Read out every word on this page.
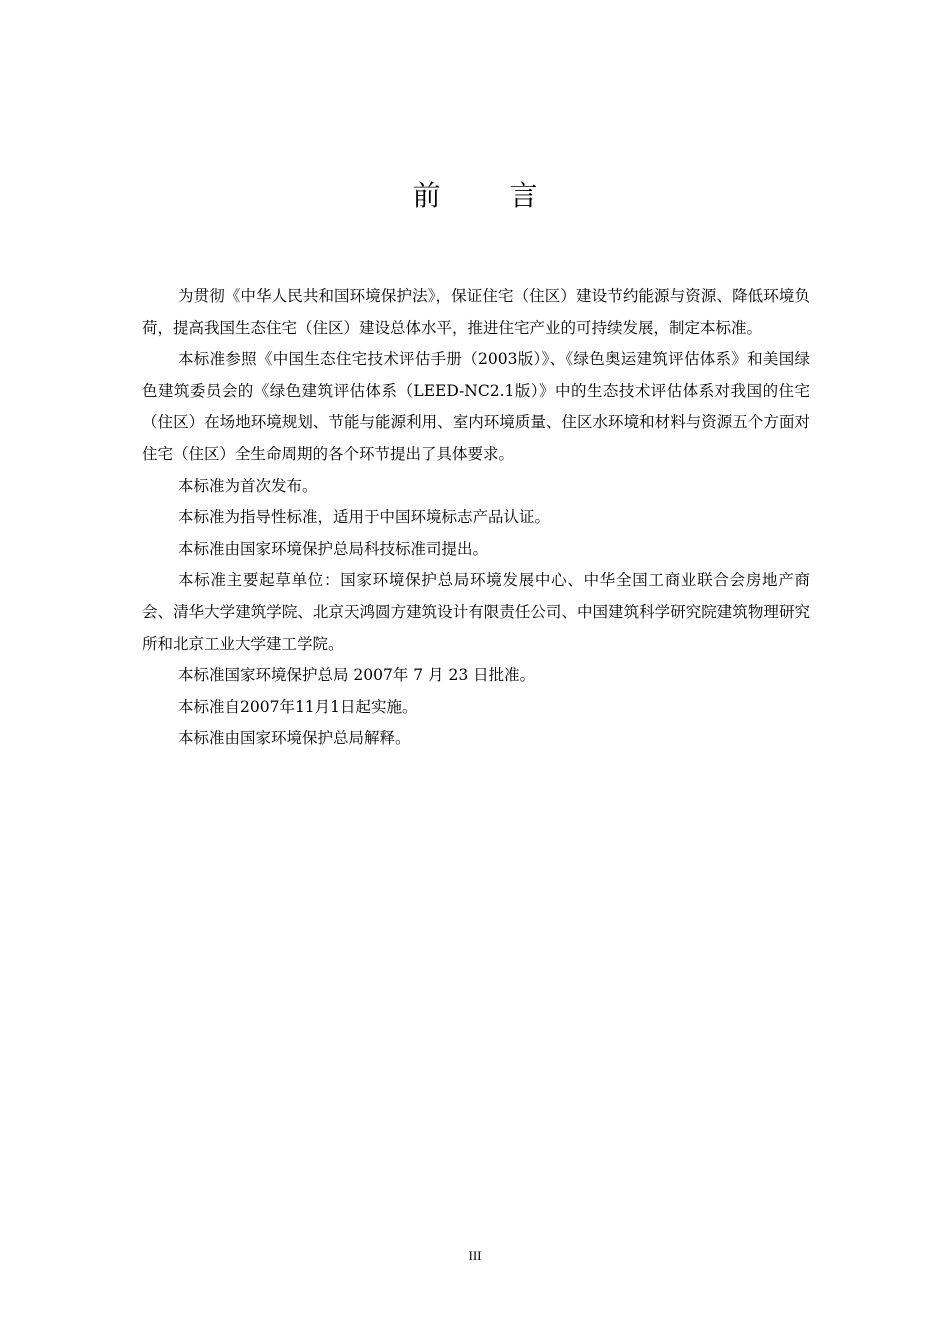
前 言

为贯彻《中华人民共和国环境保护法》，保证住宅（住区）建设节约能源与资源、降低环境负荷，提高我国生态住宅（住区）建设总体水平，推进住宅产业的可持续发展，制定本标准。

本标准参照《中国生态住宅技术评估手册（2003版）》、《绿色奥运建筑评估体系》和美国绿色建筑委员会的《绿色建筑评估体系（LEED-NC2.1版）》中的生态技术评估体系对我国的住宅（住区）在场地环境规划、节能与能源利用、室内环境质量、住区水环境和材料与资源五个方面对住宅（住区）全生命周期的各个环节提出了具体要求。

本标准为首次发布。

本标准为指导性标准，适用于中国环境标志产品认证。

本标准由国家环境保护总局科技标准司提出。

本标准主要起草单位：国家环境保护总局环境发展中心、中华全国工商业联合会房地产商会、清华大学建筑学院、北京天鸿圆方建筑设计有限责任公司、中国建筑科学研究院建筑物理研究所和北京工业大学建工学院。

本标准国家环境保护总局 2007年 7 月 23 日批准。

本标准自2007年11月1日起实施。

本标准由国家环境保护总局解释。

III
